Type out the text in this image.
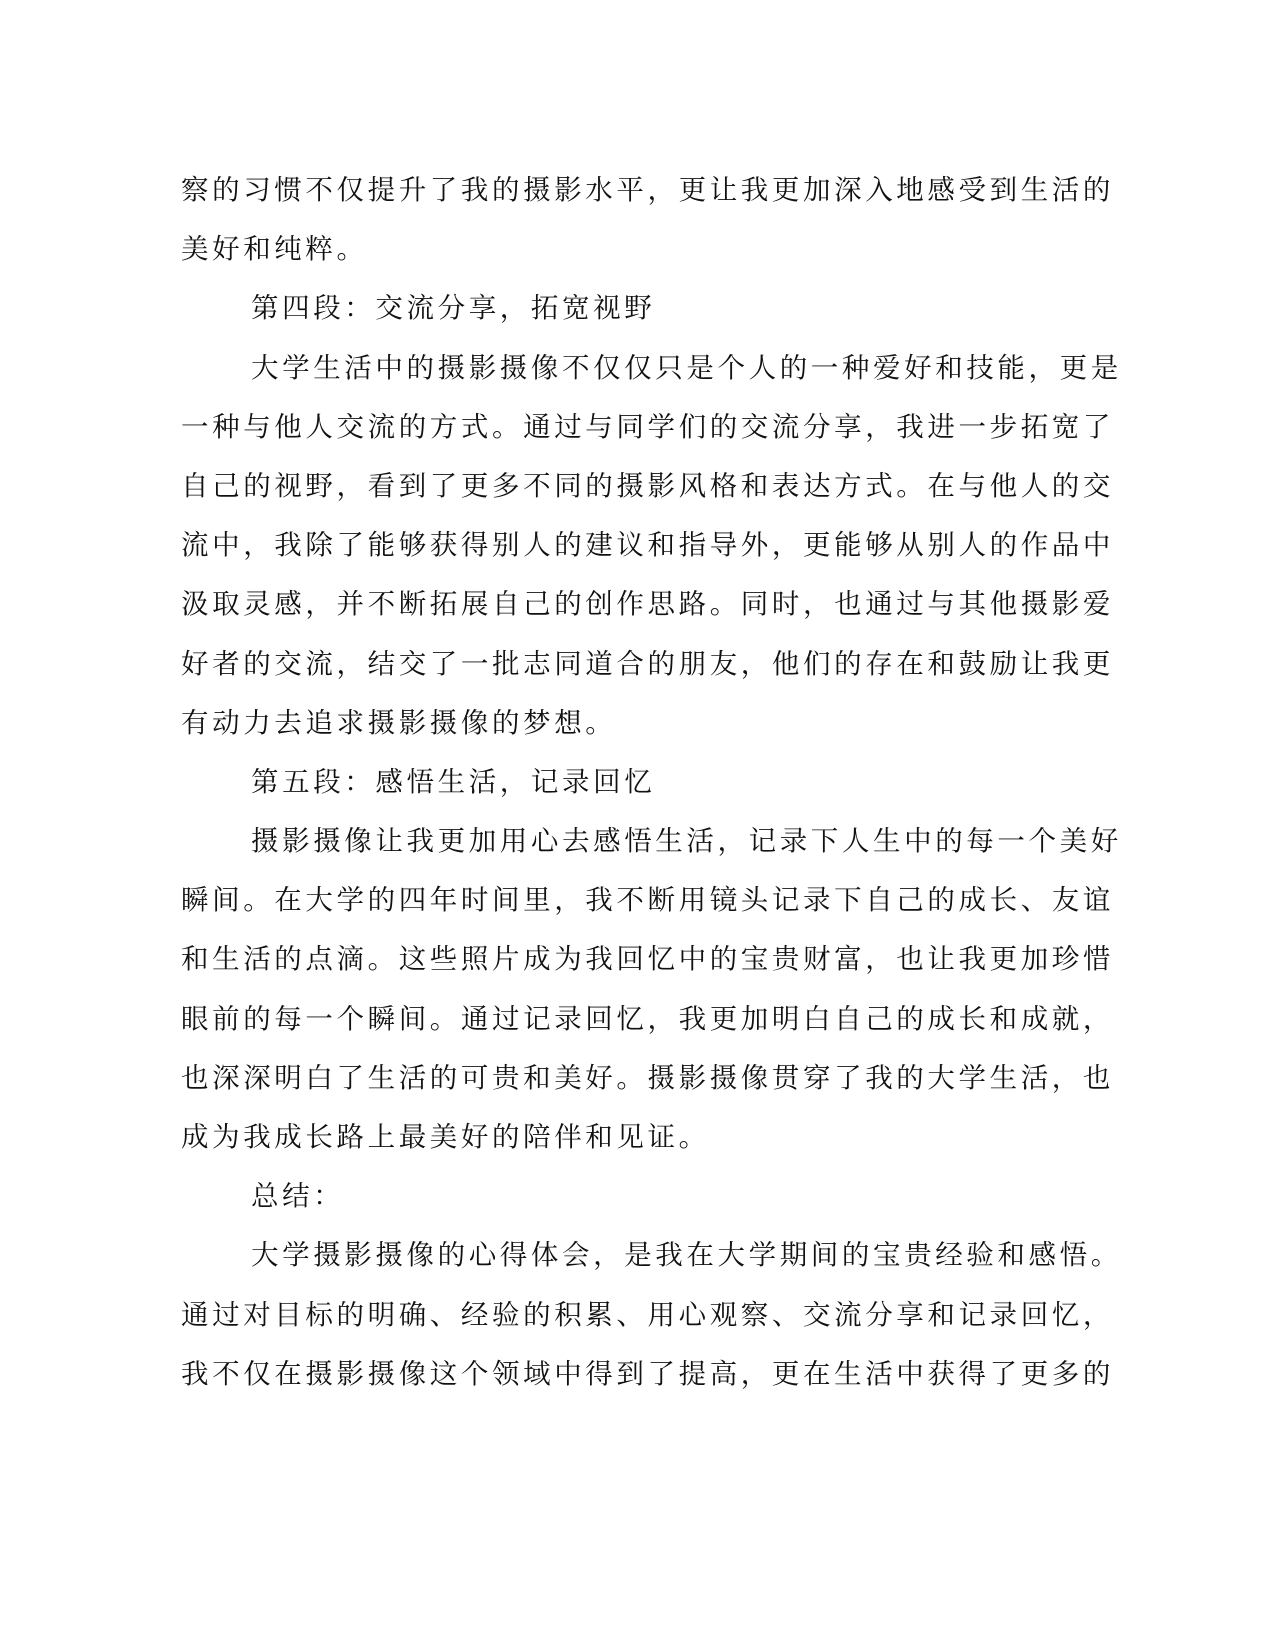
察的习惯不仅提升了我的摄影水平，更让我更加深入地感受到生活的
美好和纯粹。
第四段：交流分享，拓宽视野
大学生活中的摄影摄像不仅仅只是个人的一种爱好和技能，更是
一种与他人交流的方式。通过与同学们的交流分享，我进一步拓宽了
自己的视野，看到了更多不同的摄影风格和表达方式。在与他人的交
流中，我除了能够获得别人的建议和指导外，更能够从别人的作品中
汲取灵感，并不断拓展自己的创作思路。同时，也通过与其他摄影爱
好者的交流，结交了一批志同道合的朋友，他们的存在和鼓励让我更
有动力去追求摄影摄像的梦想。
第五段：感悟生活，记录回忆
摄影摄像让我更加用心去感悟生活，记录下人生中的每一个美好
瞬间。在大学的四年时间里，我不断用镜头记录下自己的成长、友谊
和生活的点滴。这些照片成为我回忆中的宝贵财富，也让我更加珍惜
眼前的每一个瞬间。通过记录回忆，我更加明白自己的成长和成就，
也深深明白了生活的可贵和美好。摄影摄像贯穿了我的大学生活，也
成为我成长路上最美好的陪伴和见证。
总结：
大学摄影摄像的心得体会，是我在大学期间的宝贵经验和感悟。
通过对目标的明确、经验的积累、用心观察、交流分享和记录回忆，
我不仅在摄影摄像这个领域中得到了提高，更在生活中获得了更多的
